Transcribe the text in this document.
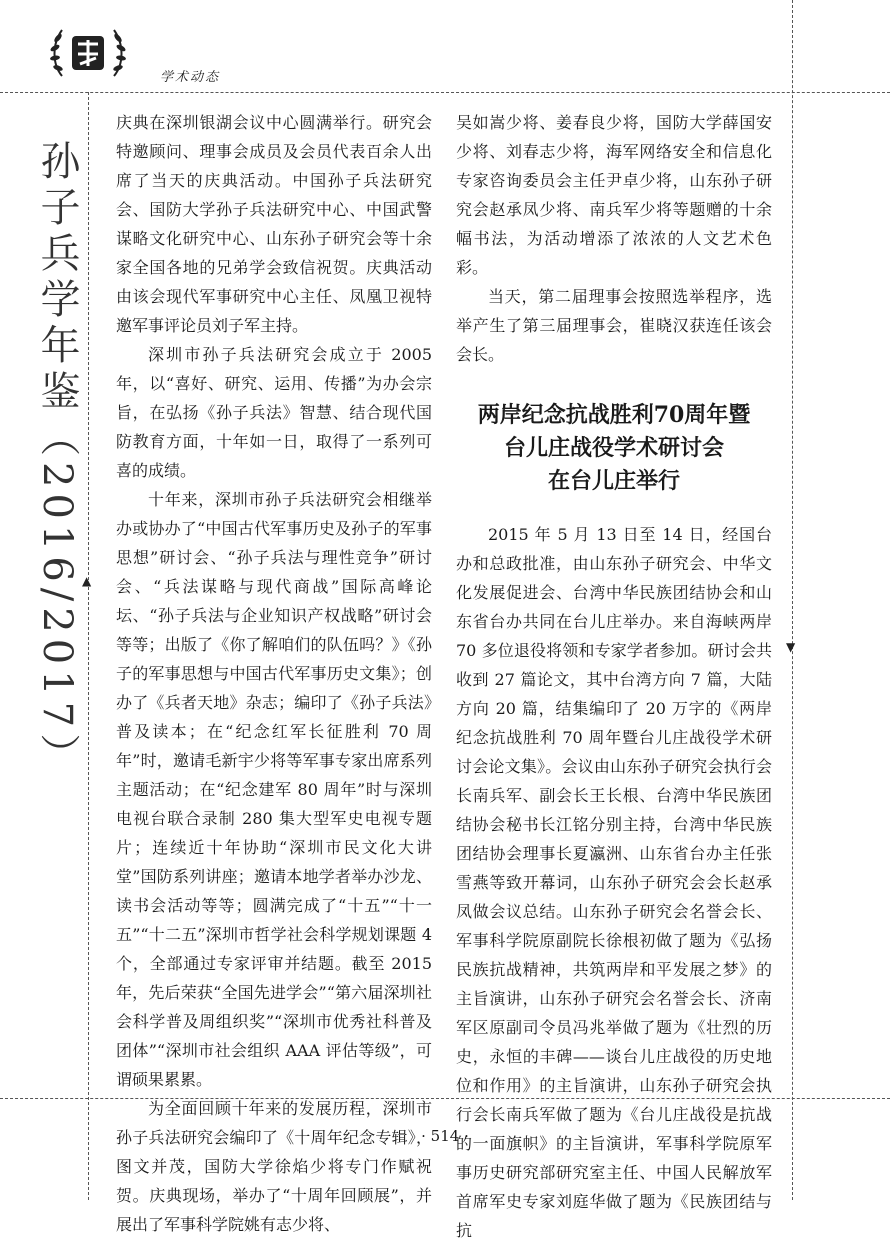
学术动态
孙子兵学年鉴（2016/2017） ▲
▼

庆典在深圳银湖会议中心圆满举行。研究会特邀顾问、理事会成员及会员代表百余人出席了当天的庆典活动。中国孙子兵法研究会、国防大学孙子兵法研究中心、中国武警谋略文化研究中心、山东孙子研究会等十余家全国各地的兄弟学会致信祝贺。庆典活动由该会现代军事研究中心主任、凤凰卫视特邀军事评论员刘子军主持。

深圳市孙子兵法研究会成立于 2005 年，以“喜好、研究、运用、传播”为办会宗旨，在弘扬《孙子兵法》智慧、结合现代国防教育方面，十年如一日，取得了一系列可喜的成绩。

十年来，深圳市孙子兵法研究会相继举办或协办了“中国古代军事历史及孙子的军事思想”研讨会、“孙子兵法与理性竞争”研讨会、“兵法谋略与现代商战”国际高峰论坛、“孙子兵法与企业知识产权战略”研讨会等等；出版了《你了解咱们的队伍吗？》《孙子的军事思想与中国古代军事历史文集》；创办了《兵者天地》杂志；编印了《孙子兵法》普及读本；在“纪念红军长征胜利 70 周年”时，邀请毛新宇少将等军事专家出席系列主题活动；在“纪念建军 80 周年”时与深圳电视台联合录制 280 集大型军史电视专题片；连续近十年协助“深圳市民文化大讲堂”国防系列讲座；邀请本地学者举办沙龙、读书会活动等等；圆满完成了“十五”“十一五”“十二五”深圳市哲学社会科学规划课题 4 个，全部通过专家评审并结题。截至 2015 年，先后荣获“全国先进学会”“第六届深圳社会科学普及周组织奖”“深圳市优秀社科普及团体”“深圳市社会组织 AAA 评估等级”，可谓硕果累累。

为全面回顾十年来的发展历程，深圳市孙子兵法研究会编印了《十周年纪念专辑》，图文并茂，国防大学徐焰少将专门作赋祝贺。庆典现场，举办了“十周年回顾展”，并展出了军事科学院姚有志少将、

吴如嵩少将、姜春良少将，国防大学薛国安少将、刘春志少将，海军网络安全和信息化专家咨询委员会主任尹卓少将，山东孙子研究会赵承凤少将、南兵军少将等题赠的十余幅书法，为活动增添了浓浓的人文艺术色彩。

当天，第二届理事会按照选举程序，选举产生了第三届理事会，崔晓汉获连任该会会长。

两岸纪念抗战胜利70周年暨
台儿庄战役学术研讨会
在台儿庄举行

2015 年 5 月 13 日至 14 日，经国台办和总政批准，由山东孙子研究会、中华文化发展促进会、台湾中华民族团结协会和山东省台办共同在台儿庄举办。来自海峡两岸 70 多位退役将领和专家学者参加。研讨会共收到 27 篇论文，其中台湾方向 7 篇，大陆方向 20 篇，结集编印了 20 万字的《两岸纪念抗战胜利 70 周年暨台儿庄战役学术研讨会论文集》。会议由山东孙子研究会执行会长南兵军、副会长王长根、台湾中华民族团结协会秘书长江铭分别主持，台湾中华民族团结协会理事长夏瀛洲、山东省台办主任张雪燕等致开幕词，山东孙子研究会会长赵承凤做会议总结。山东孙子研究会名誉会长、军事科学院原副院长徐根初做了题为《弘扬民族抗战精神，共筑两岸和平发展之梦》的主旨演讲，山东孙子研究会名誉会长、济南军区原副司令员冯兆举做了题为《壮烈的历史，永恒的丰碑——谈台儿庄战役的历史地位和作用》的主旨演讲，山东孙子研究会执行会长南兵军做了题为《台儿庄战役是抗战的一面旗帜》的主旨演讲，军事科学院原军事历史研究部研究室主任、中国人民解放军首席军史专家刘庭华做了题为《民族团结与抗

· 514 ·
